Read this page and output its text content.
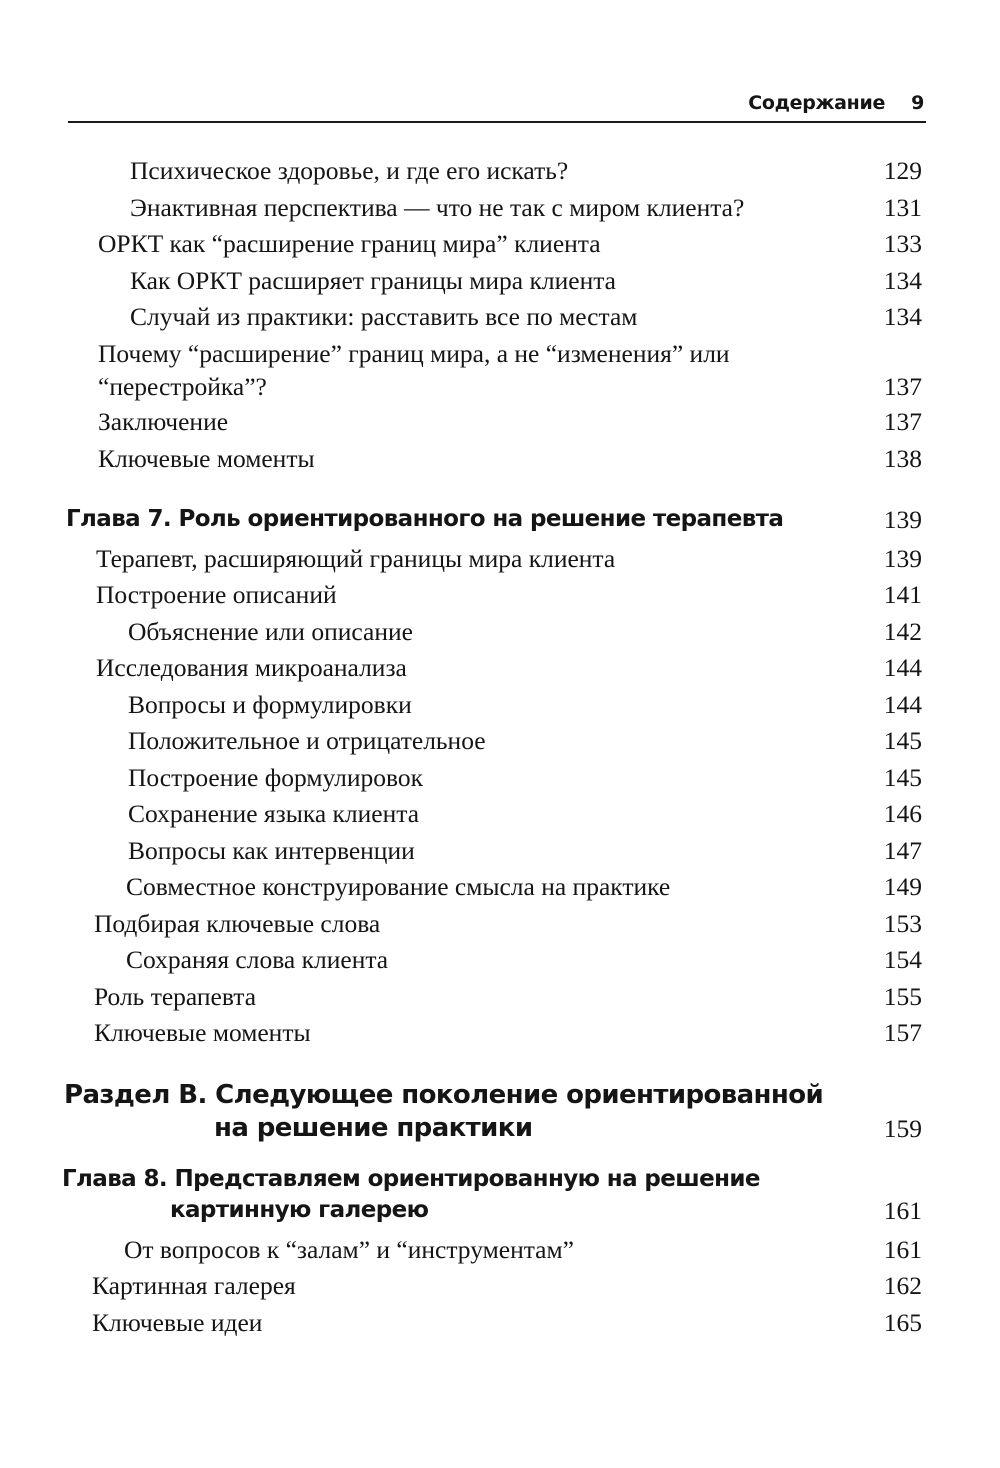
Содержание 9
Психическое здоровье, и где его искать?	129
Энактивная перспектива — что не так с миром клиента?	131
ОРКТ как “расширение границ мира” клиента	133
Как ОРКТ расширяет границы мира клиента	134
Случай из практики: расставить все по местам	134
Почему “расширение” границ мира, а не “изменения” или
“перестройка”?	137
Заключение	137
Ключевые моменты	138
Глава 7. Роль ориентированного на решение терапевта	139
Терапевт, расширяющий границы мира клиента	139
Построение описаний	141
Объяснение или описание	142
Исследования микроанализа	144
Вопросы и формулировки	144
Положительное и отрицательное	145
Построение формулировок	145
Сохранение языка клиента	146
Вопросы как интервенции	147
Совместное конструирование смысла на практике	149
Подбирая ключевые слова	153
Сохраняя слова клиента	154
Роль терапевта	155
Ключевые моменты	157
Раздел В. Следующее поколение ориентированной
на решение практики	159
Глава 8. Представляем ориентированную на решение
картинную галерею	161
От вопросов к “залам” и “инструментам”	161
Картинная галерея	162
Ключевые идеи	165
